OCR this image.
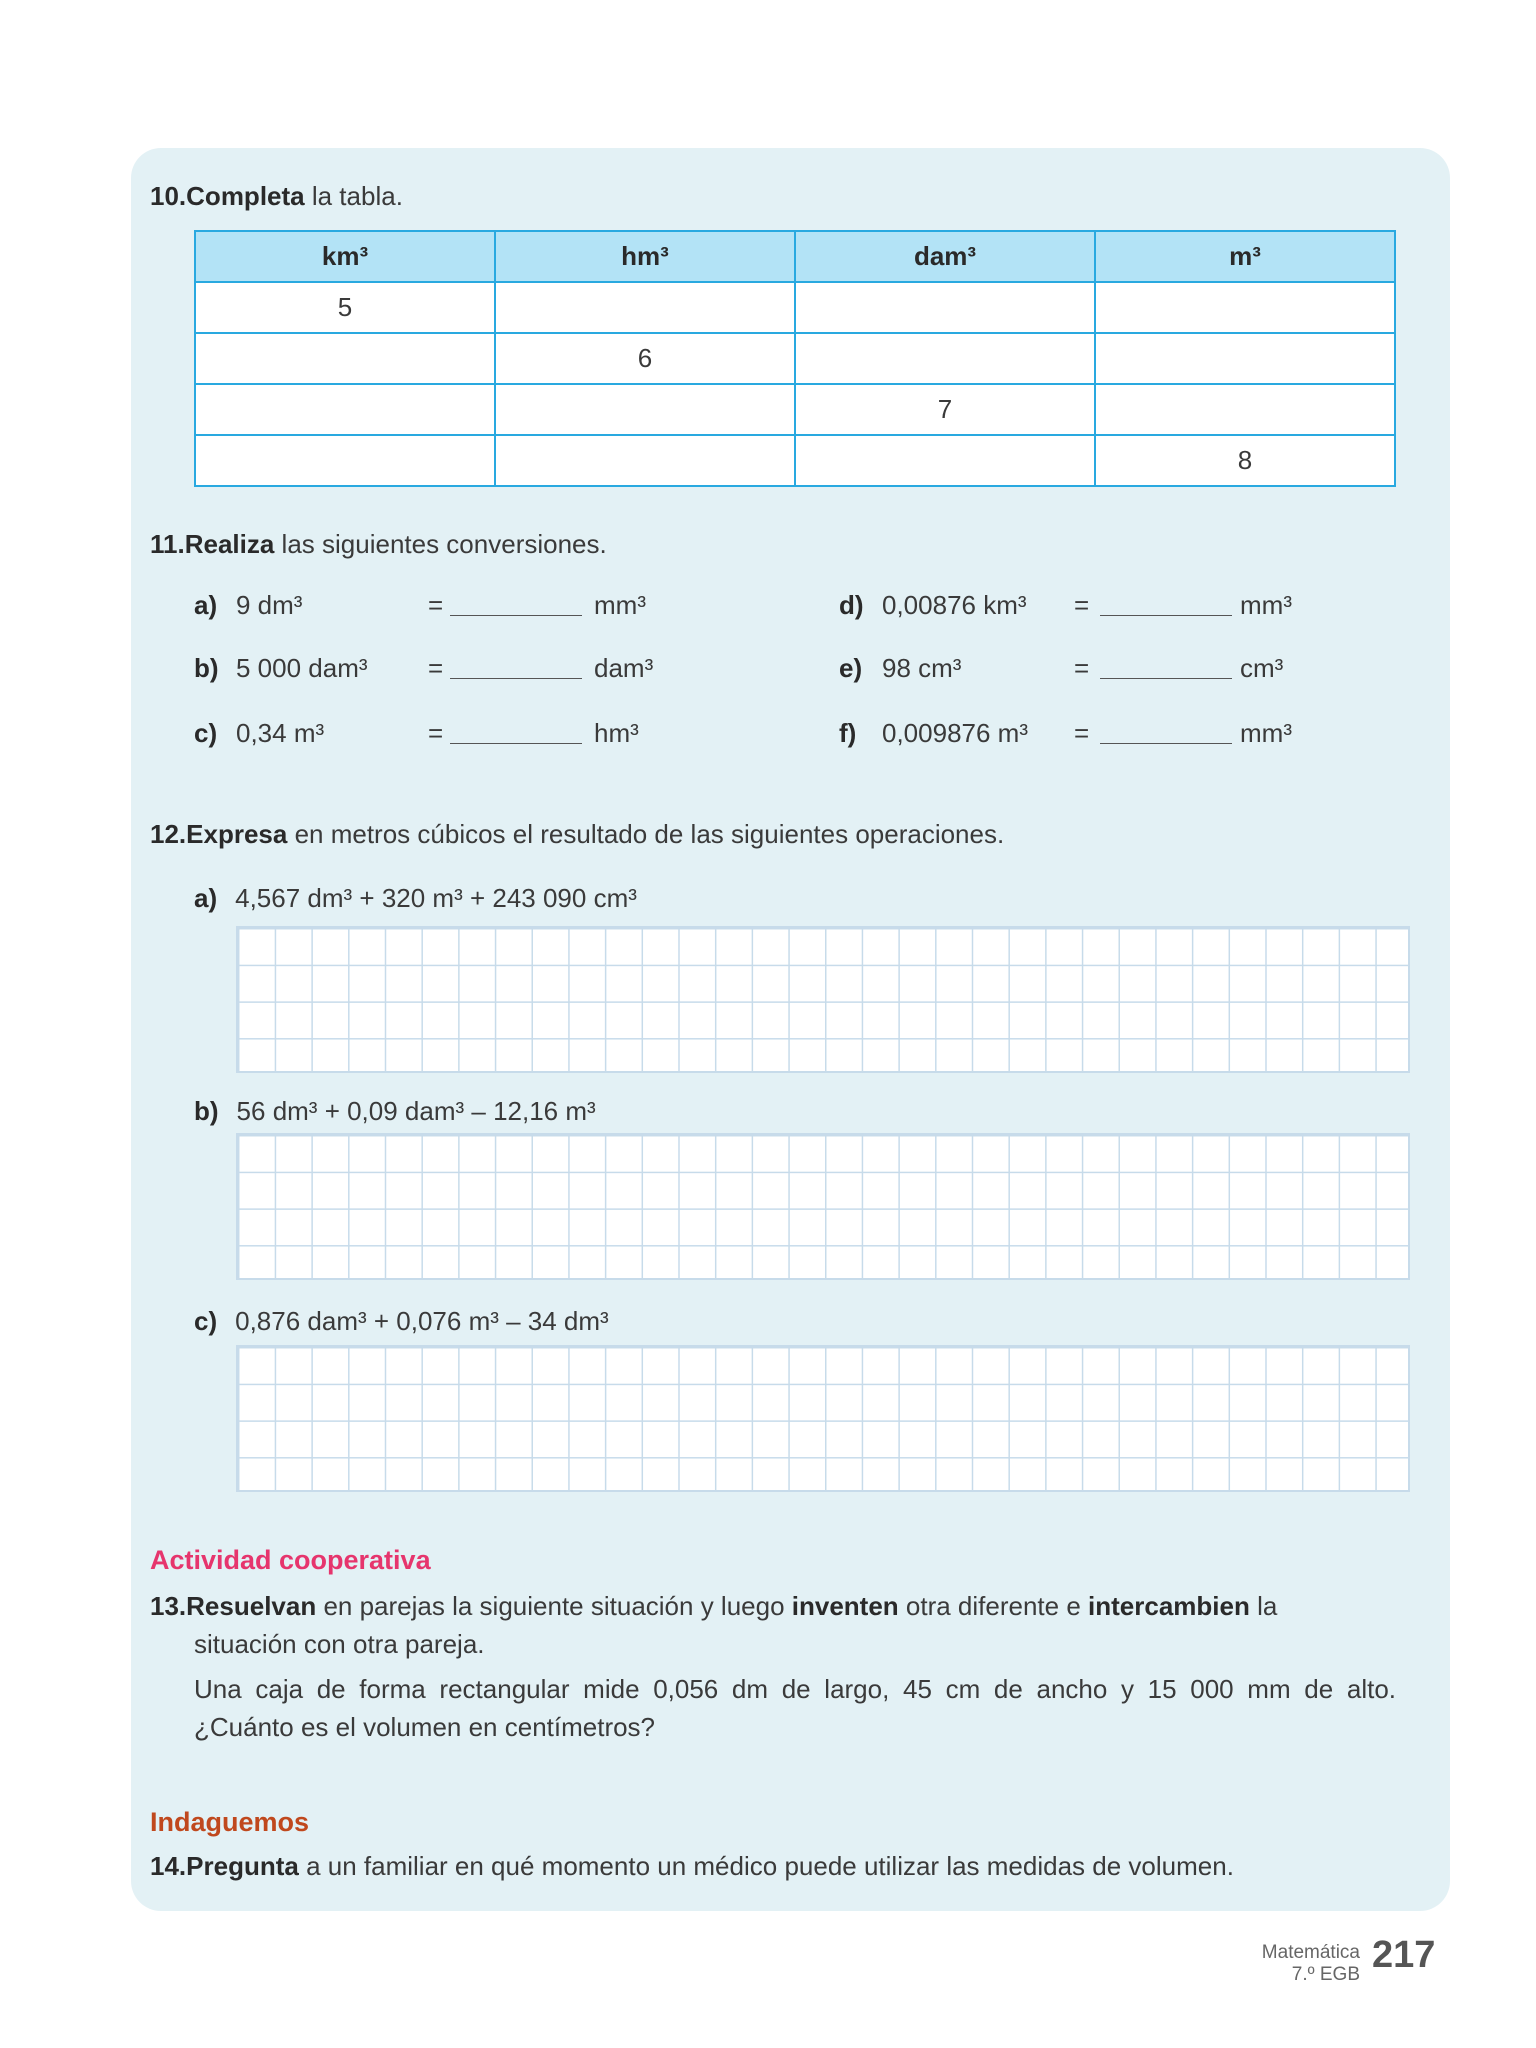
10.Completa la tabla.
km³	hm³	dam³	m³
5			
	6		
		7	
			8
11.Realiza las siguientes conversiones.
a) 9 dm³	=	mm³
b) 5 000 dam³ =	dam³
c) 0,34 m³	=	hm³
d) 0,00876 km³ =	mm³
e) 98 cm³	=	cm³
f) 0,009876 m³ =	mm³
12.Expresa en metros cúbicos el resultado de las siguientes operaciones.
a) 4,567 dm³ + 320 m³ + 243 090 cm³
b) 56 dm³ + 0,09 dam³ – 12,16 m³
c) 0,876 dam³ + 0,076 m³ – 34 dm³
Actividad cooperativa
13.Resuelvan en parejas la siguiente situación y luego inventen otra diferente e intercambien la
situación con otra pareja.
Una caja de forma rectangular mide 0,056 dm de largo, 45 cm de ancho y 15 000 mm de alto.
¿Cuánto es el volumen en centímetros?
Indaguemos
14.Pregunta a un familiar en qué momento un médico puede utilizar las medidas de volumen.
Matemática
7.º EGB 217
